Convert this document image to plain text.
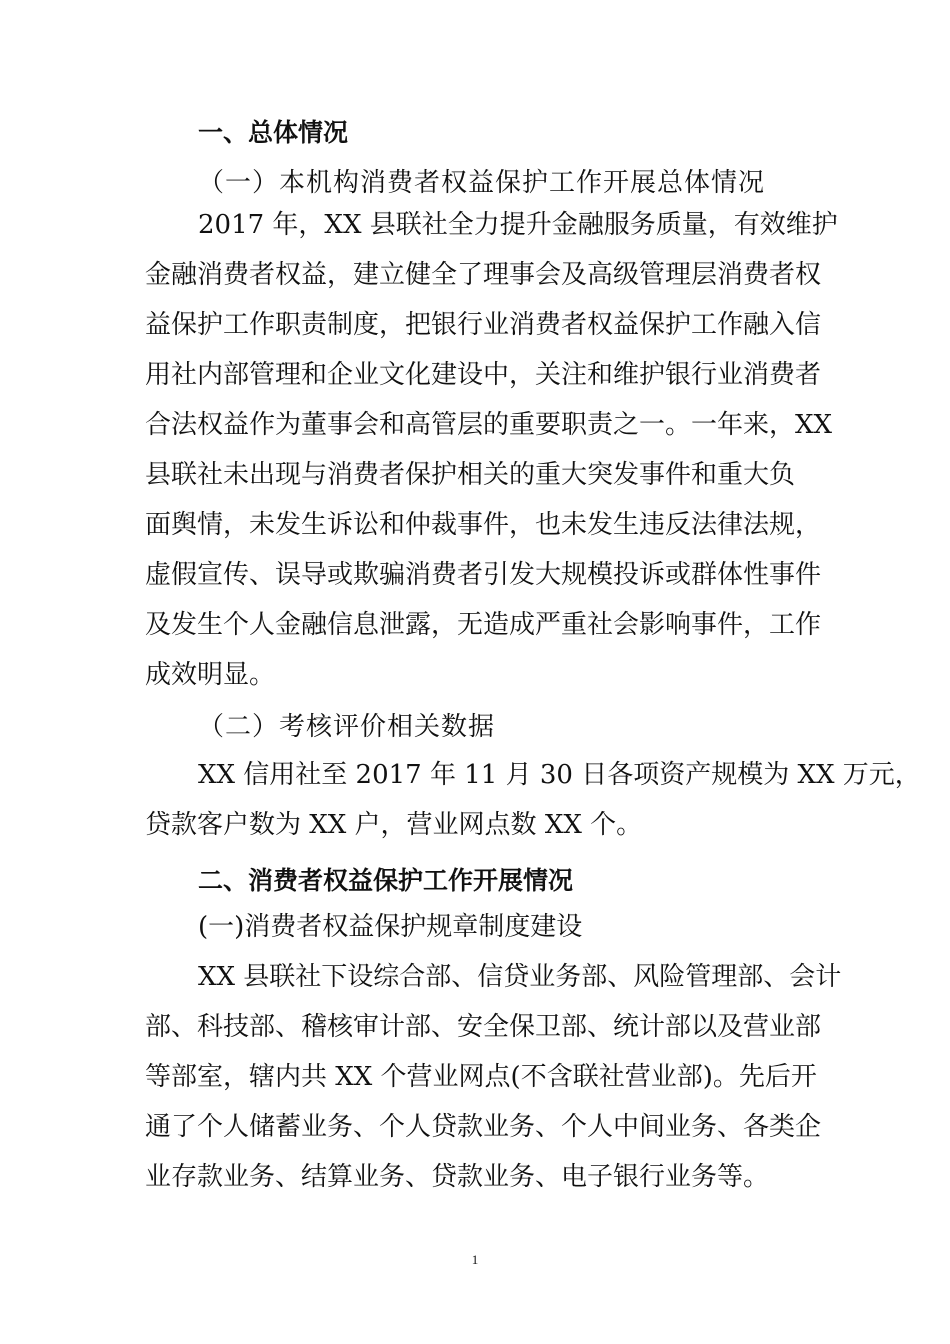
一、总体情况
（一）本机构消费者权益保护工作开展总体情况
2017 年，XX 县联社全力提升金融服务质量，有效维护
金融消费者权益，建立健全了理事会及高级管理层消费者权
益保护工作职责制度，把银行业消费者权益保护工作融入信
用社内部管理和企业文化建设中，关注和维护银行业消费者
合法权益作为董事会和高管层的重要职责之一。一年来，XX
县联社未出现与消费者保护相关的重大突发事件和重大负
面舆情，未发生诉讼和仲裁事件，也未发生违反法律法规，
虚假宣传、误导或欺骗消费者引发大规模投诉或群体性事件
及发生个人金融信息泄露，无造成严重社会影响事件，工作
成效明显。
（二）考核评价相关数据
XX 信用社至 2017 年 11 月 30 日各项资产规模为 XX 万元，
贷款客户数为 XX 户，营业网点数 XX 个。
二、消费者权益保护工作开展情况
(一)消费者权益保护规章制度建设
XX 县联社下设综合部、信贷业务部、风险管理部、会计
部、科技部、稽核审计部、安全保卫部、统计部以及营业部
等部室，辖内共 XX 个营业网点(不含联社营业部)。先后开
通了个人储蓄业务、个人贷款业务、个人中间业务、各类企
业存款业务、结算业务、贷款业务、电子银行业务等。
1
